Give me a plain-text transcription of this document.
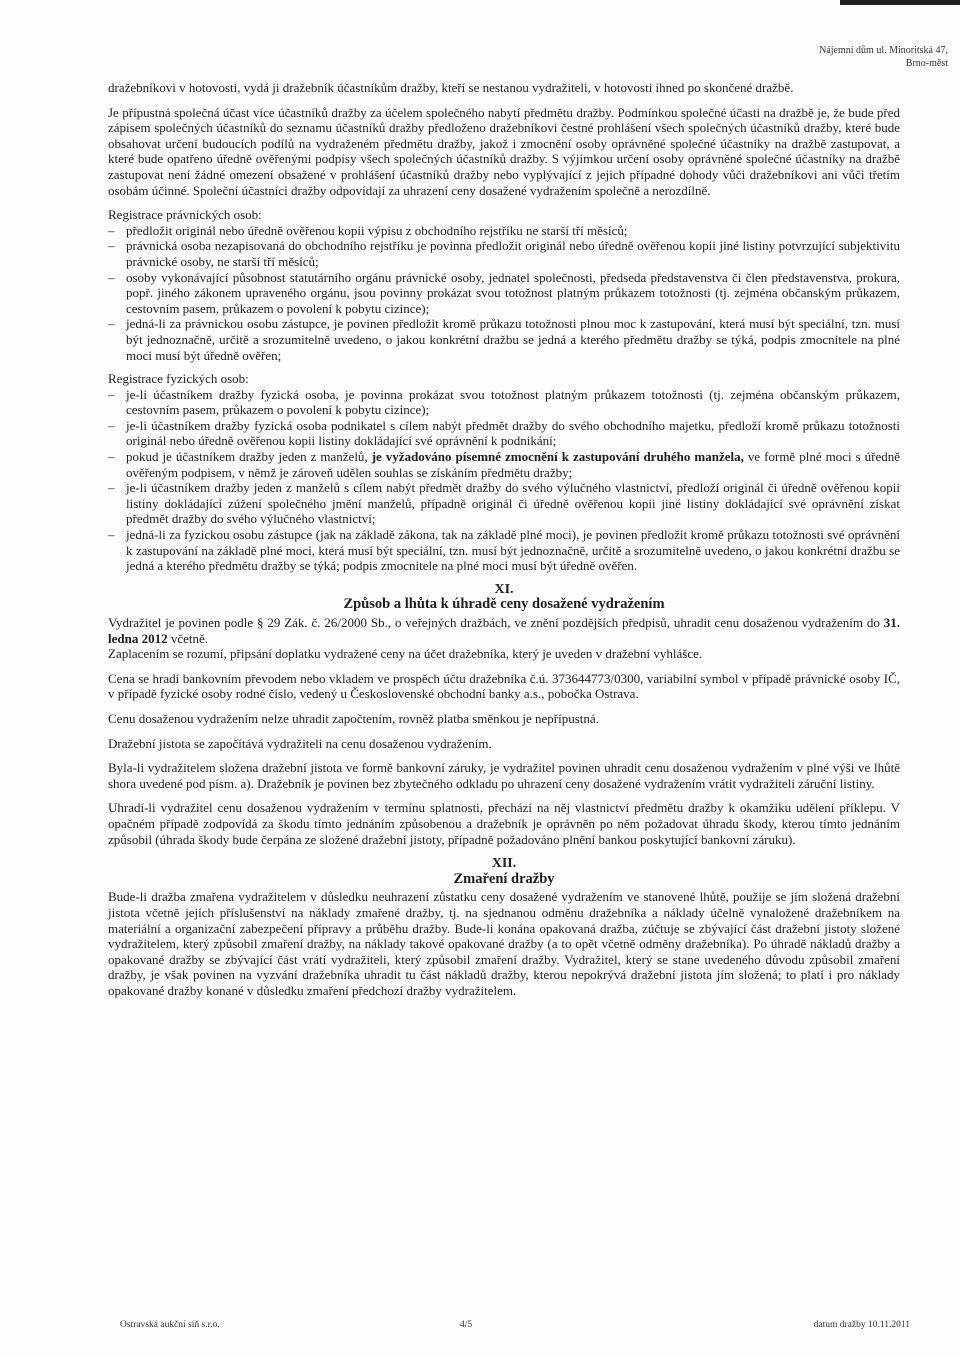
Nájemní dům ul. Minoritská 47,
Brno-měst

dražebníkovi v hotovosti, vydá ji dražebník účastníkům dražby, kteří se nestanou vydražiteli, v hotovosti ihned po skončené dražbě.

Je přípustná společná účast více účastníků dražby za účelem společného nabytí předmětu dražby. Podmínkou společné účasti na dražbě je, že bude před zápisem společných účastníků do seznamu účastníků dražby předloženo dražebníkovi čestné prohlášení všech společných účastníků dražby, které bude obsahovat určení budoucích podílů na vydraženém předmětu dražby, jakož i zmocnění osoby oprávněné společné účastníky na dražbě zastupovat, a které bude opatřeno úředně ověřenými podpisy všech společných účastníků dražby. S výjimkou určení osoby oprávněné společné účastníky na dražbě zastupovat není žádné omezení obsažené v prohlášení účastníků dražby nebo vyplývající z jejich případné dohody vůči dražebníkovi ani vůči třetím osobám účinné. Společní účastníci dražby odpovídají za uhrazení ceny dosažené vydražením společně a nerozdílně.

Registrace právnických osob:

– předložit originál nebo úředně ověřenou kopii výpisu z obchodního rejstříku ne starší tří měsíců;
– právnická osoba nezapisovaná do obchodního rejstříku je povinna předložit originál nebo úředně ověřenou kopii jiné listiny potvrzující subjektivitu právnické osoby, ne starší tří měsíců;
– osoby vykonávající působnost statutárního orgánu právnické osoby, jednatel společnosti, předseda představenstva či člen představenstva, prokura, popř. jiného zákonem upraveného orgánu, jsou povinny prokázat svou totožnost platným průkazem totožnosti (tj. zejména občanským průkazem, cestovním pasem, průkazem o povolení k pobytu cizince);
– jedná-li za právnickou osobu zástupce, je povinen předložit kromě průkazu totožnosti plnou moc k zastupování, která musí být speciální, tzn. musí být jednoznačně, určitě a srozumitelně uvedeno, o jakou konkrétní dražbu se jedná a kterého předmětu dražby se týká, podpis zmocnitele na plné moci musí být úředně ověřen;

Registrace fyzických osob:

– je-li účastníkem dražby fyzická osoba, je povinna prokázat svou totožnost platným průkazem totožnosti (tj. zejména občanským průkazem, cestovním pasem, průkazem o povolení k pobytu cizince);
– je-li účastníkem dražby fyzická osoba podnikatel s cílem nabýt předmět dražby do svého obchodního majetku, předloží kromě průkazu totožnosti originál nebo úředně ověřenou kopii listiny dokládající své oprávnění k podnikání;
– pokud je účastníkem dražby jeden z manželů, je vyžadováno písemné zmocnění k zastupování druhého manžela, ve formě plné moci s úředně ověřeným podpisem, v němž je zároveň udělen souhlas se získáním předmětu dražby;
– je-li účastníkem dražby jeden z manželů s cílem nabýt předmět dražby do svého výlučného vlastnictví, předloží originál či úředně ověřenou kopii listiny dokládající zúžení společného jmění manželů, případně originál či úředně ověřenou kopii jiné listiny dokládající své oprávnění získat předmět dražby do svého výlučného vlastnictví;
– jedná-li za fyzickou osobu zástupce (jak na základě zákona, tak na základě plné moci), je povinen předložit kromě průkazu totožnosti své oprávnění k zastupování na základě plné moci, která musí být speciální, tzn. musí být jednoznačně, určitě a srozumitelně uvedeno, o jakou konkrétní dražbu se jedná a kterého předmětu dražby se týká; podpis zmocnitele na plné moci musí být úředně ověřen.
XI.
Způsob a lhůta k úhradě ceny dosažené vydražením

Vydražitel je povinen podle § 29 Zák. č. 26/2000 Sb., o veřejných dražbách, ve znění pozdějších předpisů, uhradit cenu dosaženou vydražením do 31. ledna 2012 včetně.

Zaplacením se rozumí, připsání doplatku vydražené ceny na účet dražebníka, který je uveden v dražební vyhlášce.

Cena se hradí bankovním převodem nebo vkladem ve prospěch účtu dražebníka č.ú. 373644773/0300, variabilní symbol v případě právnické osoby IČ, v případě fyzické osoby rodné číslo, vedený u Československé obchodní banky a.s., pobočka Ostrava.

Cenu dosaženou vydražením nelze uhradit započtením, rovněž platba směnkou je nepřípustná.

Dražební jistota se započítává vydražiteli na cenu dosaženou vydražením.

Byla-li vydražitelem složena dražební jistota ve formě bankovní záruky, je vydražitel povinen uhradit cenu dosaženou vydražením v plné výši ve lhůtě shora uvedené pod písm. a). Dražebník je povinen bez zbytečného odkladu po uhrazení ceny dosažené vydražením vrátit vydražiteli záruční listiny.

Uhradí-li vydražitel cenu dosaženou vydražením v termínu splatnosti, přechází na něj vlastnictví předmětu dražby k okamžiku udělení příklepu. V opačném případě zodpovídá za škodu tímto jednáním způsobenou a dražebník je oprávněn po něm požadovat úhradu škody, kterou tímto jednáním způsobil (úhrada škody bude čerpána ze složené dražební jistoty, případně požadováno plnění bankou poskytující bankovní záruku).

XII.
Zmaření dražby

Bude-li dražba zmařena vydražitelem v důsledku neuhrazení zůstatku ceny dosažené vydražením ve stanovené lhůtě, použije se jím složená dražební jistota včetně jejích příslušenství na náklady zmařené dražby, tj. na sjednanou odměnu dražebníka a náklady účelně vynaložené dražebníkem na materiální a organizační zabezpečení přípravy a průběhu dražby. Bude-li konána opakovaná dražba, zúčtuje se zbývající část dražební jistoty složené vydražitelem, který způsobil zmaření dražby, na náklady takové opakované dražby (a to opět včetně odměny dražebníka). Po úhradě nákladů dražby a opakované dražby se zbývající část vrátí vydražiteli, který způsobil zmaření dražby. Vydražitel, který se stane uvedeného důvodu způsobil zmaření dražby, je však povinen na vyzvání dražebníka uhradit tu část nákladů dražby, kterou nepokrývá dražební jistota jím složená; to platí i pro náklady opakované dražby konané v důsledku zmaření předchozí dražby vydražitelem.

Ostravská aukční síň s.r.o.	4/5	datum dražby 10.11.2011
